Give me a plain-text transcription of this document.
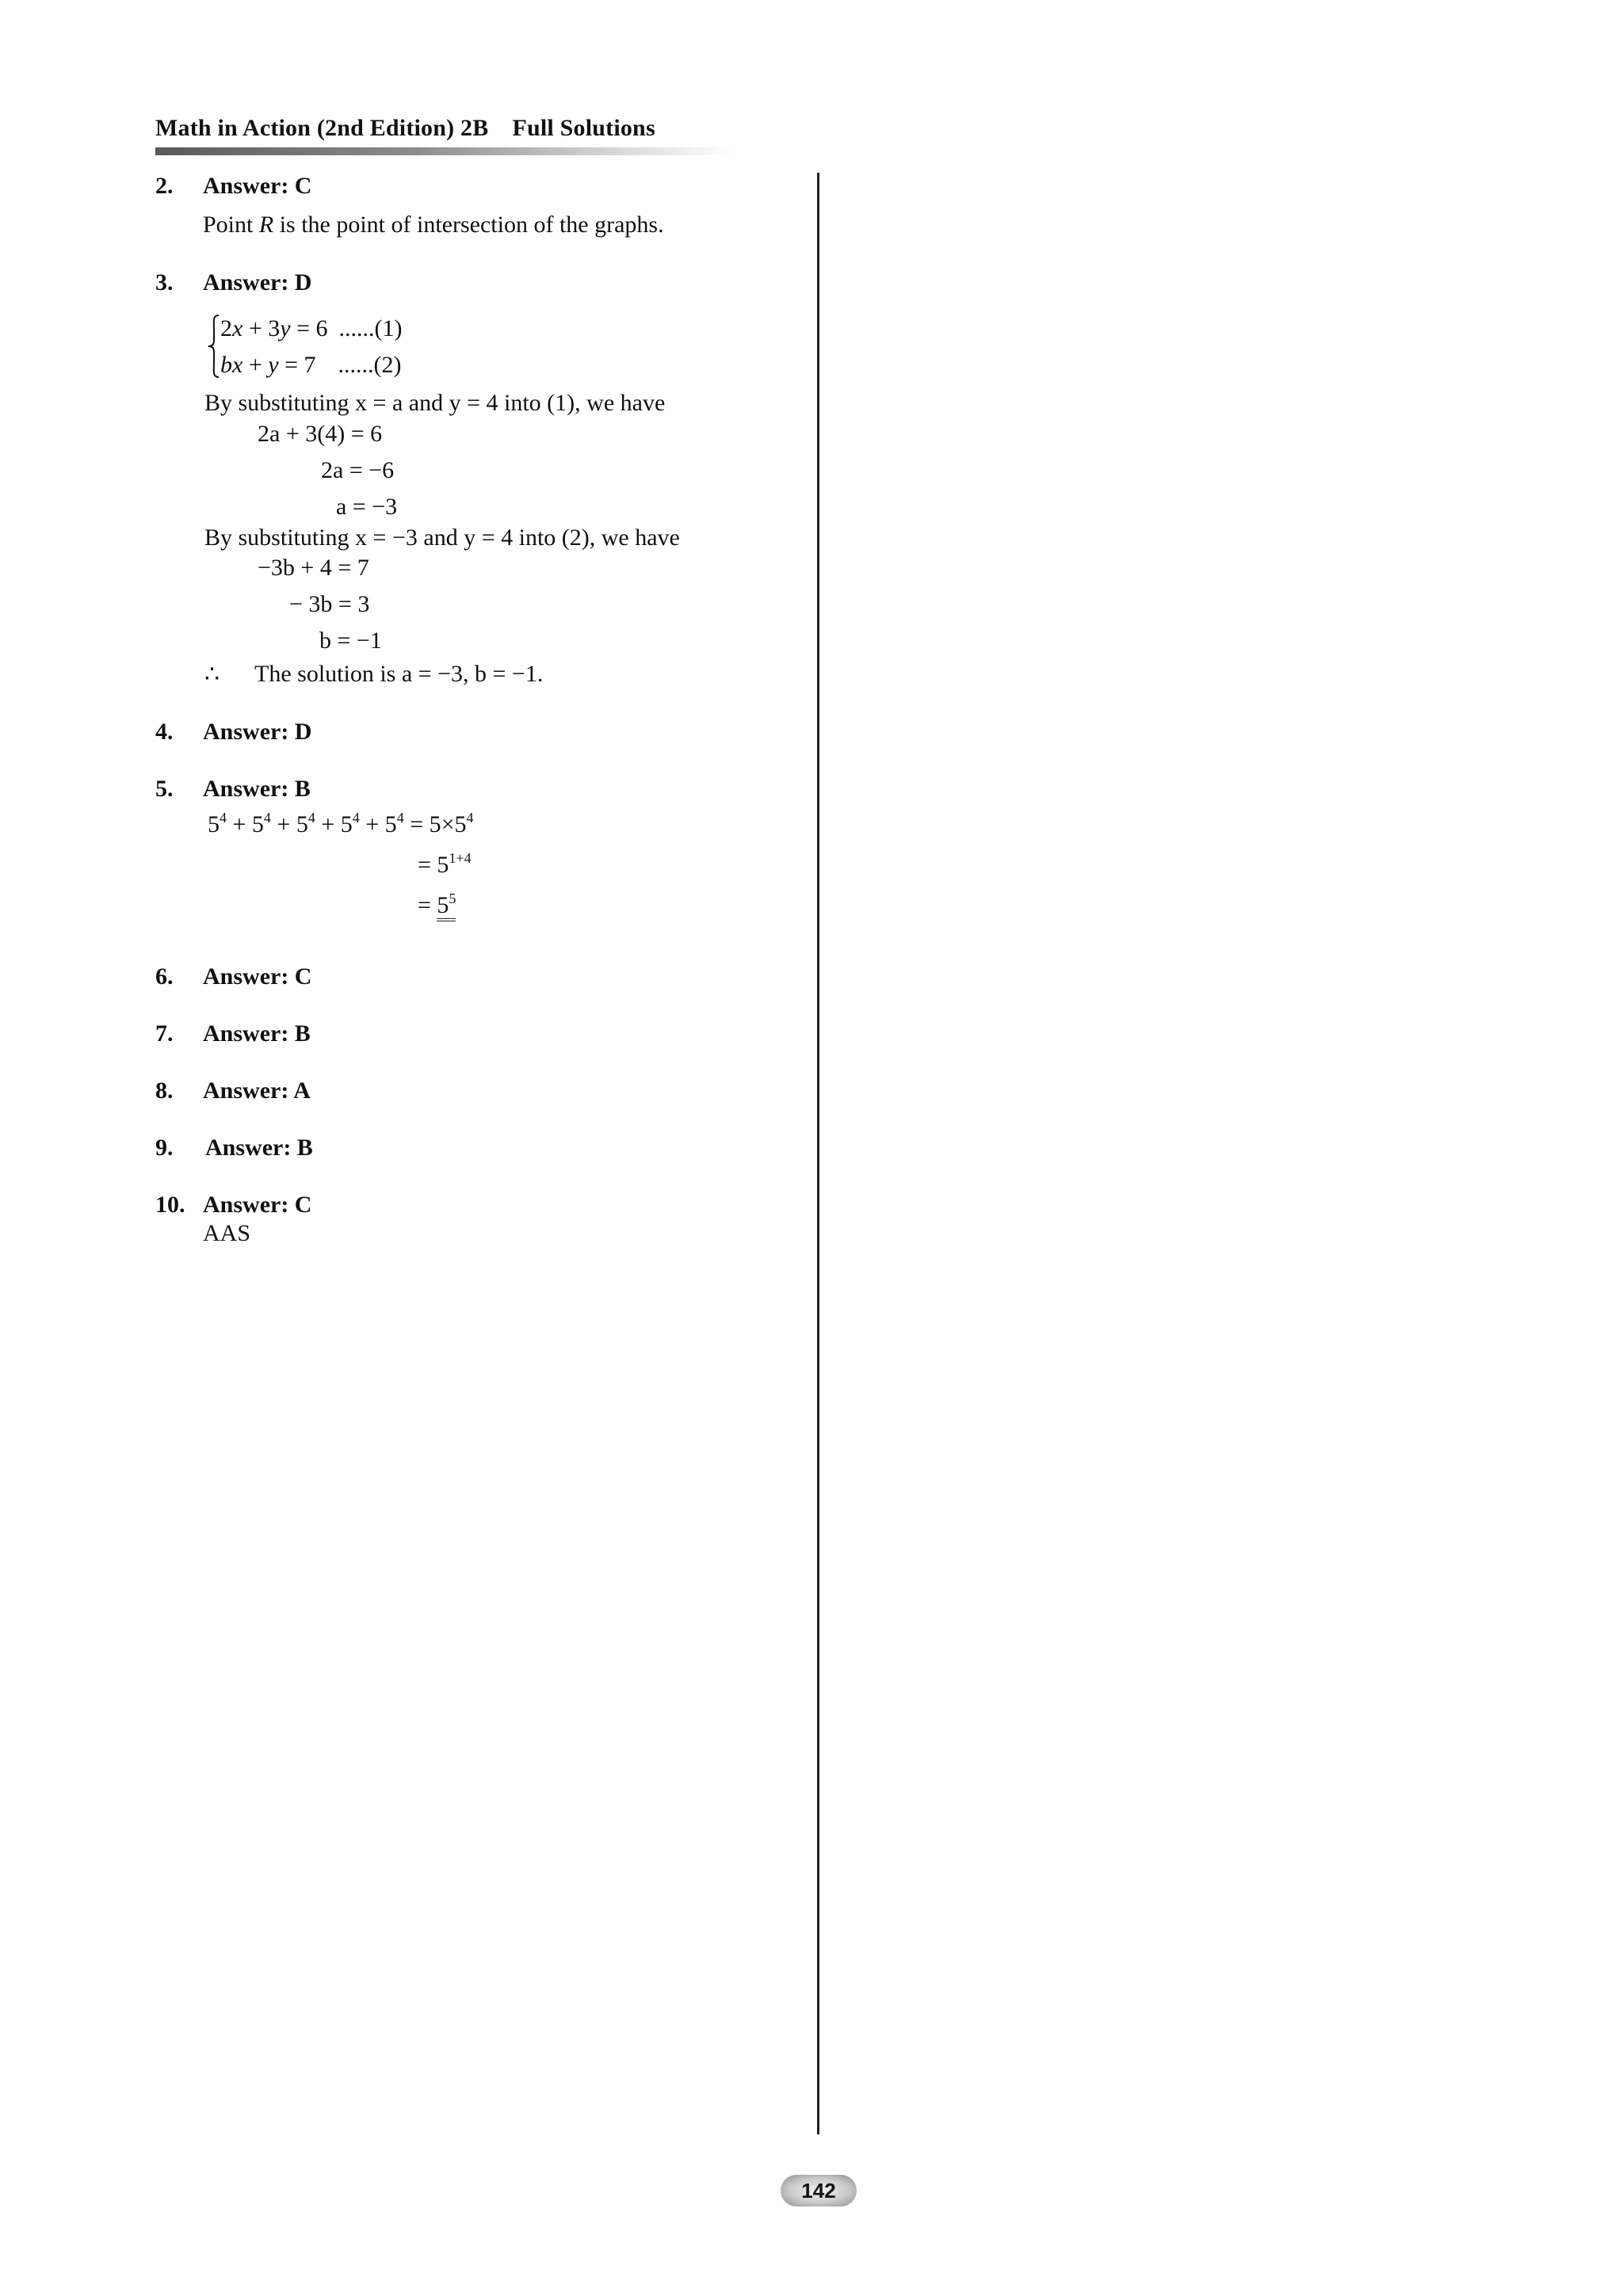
Math in Action (2nd Edition) 2B Full Solutions
2. Answer: C
Point R is the point of intersection of the graphs.
3. Answer: D
2x + 3y = 6 ......(1)
bx + y = 7 ......(2)
By substituting x = a and y = 4 into (1), we have
2a + 3(4) = 6
2a = −6
a = −3
By substituting x = −3 and y = 4 into (2), we have
−3b + 4 = 7
− 3b = 3
b = −1
∴ The solution is a = −3, b = −1.
4. Answer: D
5. Answer: B
$5^4 + 5^4 + 5^4 + 5^4 + 5^4 = 5\times 5^4$
= $5^{1+4}$
= $5^5$
6. Answer: C
7. Answer: B
8. Answer: A
9. Answer: B
10. Answer: C
AAS
142
